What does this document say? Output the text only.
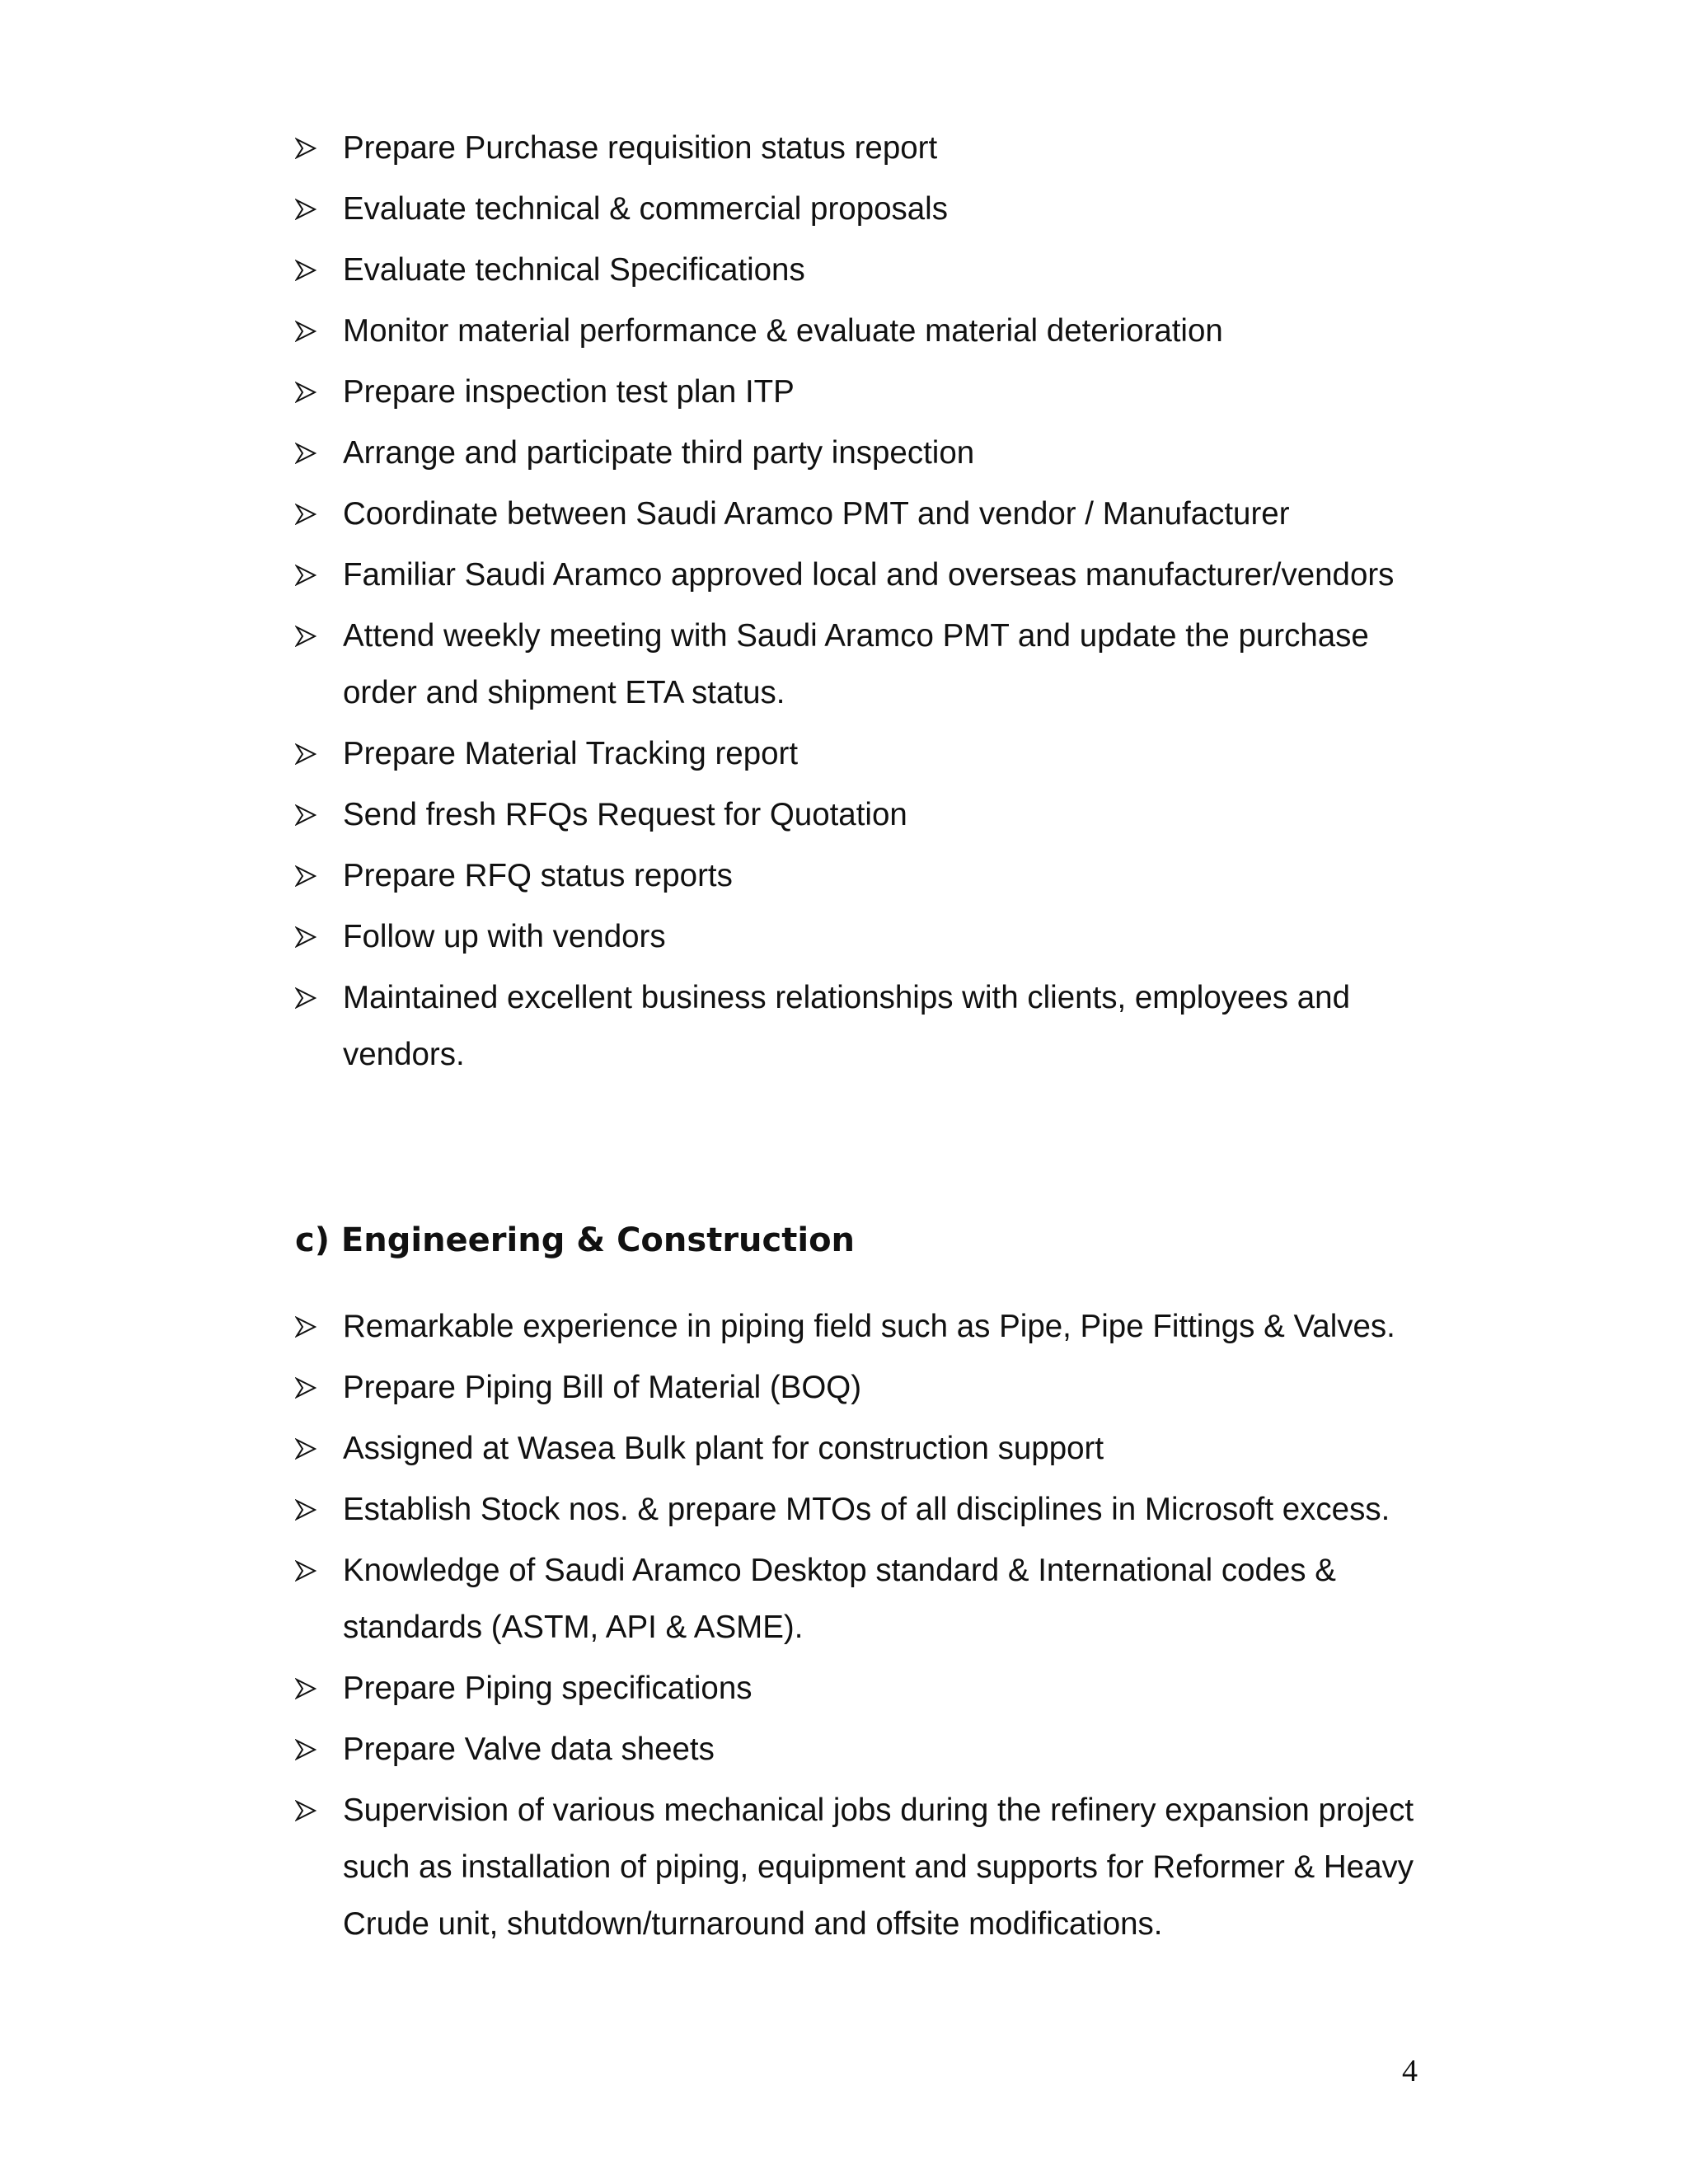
Prepare Purchase requisition status report
Evaluate technical & commercial proposals
Evaluate technical Specifications
Monitor material performance & evaluate material deterioration
Prepare inspection test plan ITP
Arrange and participate third party inspection
Coordinate between Saudi Aramco PMT and vendor / Manufacturer
Familiar Saudi Aramco approved local and overseas manufacturer/vendors
Attend weekly meeting with Saudi Aramco PMT and update the purchase order and shipment ETA status.
Prepare Material Tracking report
Send fresh RFQs Request for Quotation
Prepare RFQ status reports
Follow up with vendors
Maintained excellent business relationships with clients, employees and vendors.
c) Engineering & Construction
Remarkable experience in piping field such as Pipe, Pipe Fittings & Valves.
Prepare Piping Bill of Material (BOQ)
Assigned at Wasea Bulk plant for construction support
Establish Stock nos. & prepare MTOs of all disciplines in Microsoft excess.
Knowledge of Saudi Aramco Desktop standard & International codes & standards (ASTM, API & ASME).
Prepare Piping specifications
Prepare Valve data sheets
Supervision of various mechanical jobs during the refinery expansion project such as installation of piping, equipment and supports for Reformer & Heavy Crude unit, shutdown/turnaround and offsite modifications.
4
